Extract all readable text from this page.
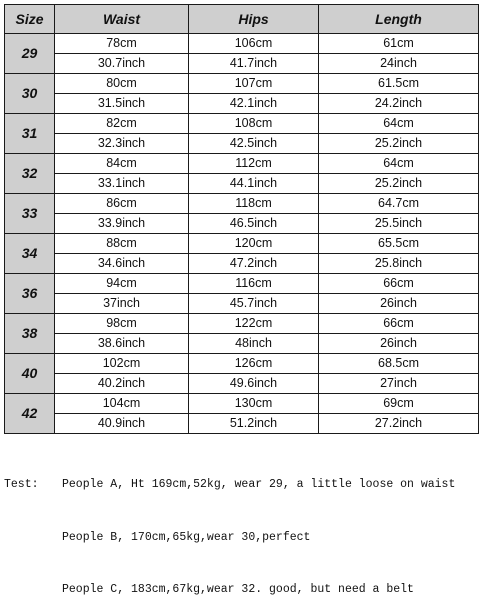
Size	Waist	Hips	Length
29	78cm	106cm	61cm
	30.7inch	41.7inch	24inch
30	80cm	107cm	61.5cm
	31.5inch	42.1inch	24.2inch
31	82cm	108cm	64cm
	32.3inch	42.5inch	25.2inch
32	84cm	112cm	64cm
	33.1inch	44.1inch	25.2inch
33	86cm	118cm	64.7cm
	33.9inch	46.5inch	25.5inch
34	88cm	120cm	65.5cm
	34.6inch	47.2inch	25.8inch
36	94cm	116cm	66cm
	37inch	45.7inch	26inch
38	98cm	122cm	66cm
	38.6inch	48inch	26inch
40	102cm	126cm	68.5cm
	40.2inch	49.6inch	27inch
42	104cm	130cm	69cm
	40.9inch	51.2inch	27.2inch

Test:	People A, Ht 169cm,52kg, wear 29, a little loose on waist

People B, 170cm,65kg,wear 30,perfect

People C, 183cm,67kg,wear 32. good, but need a belt
